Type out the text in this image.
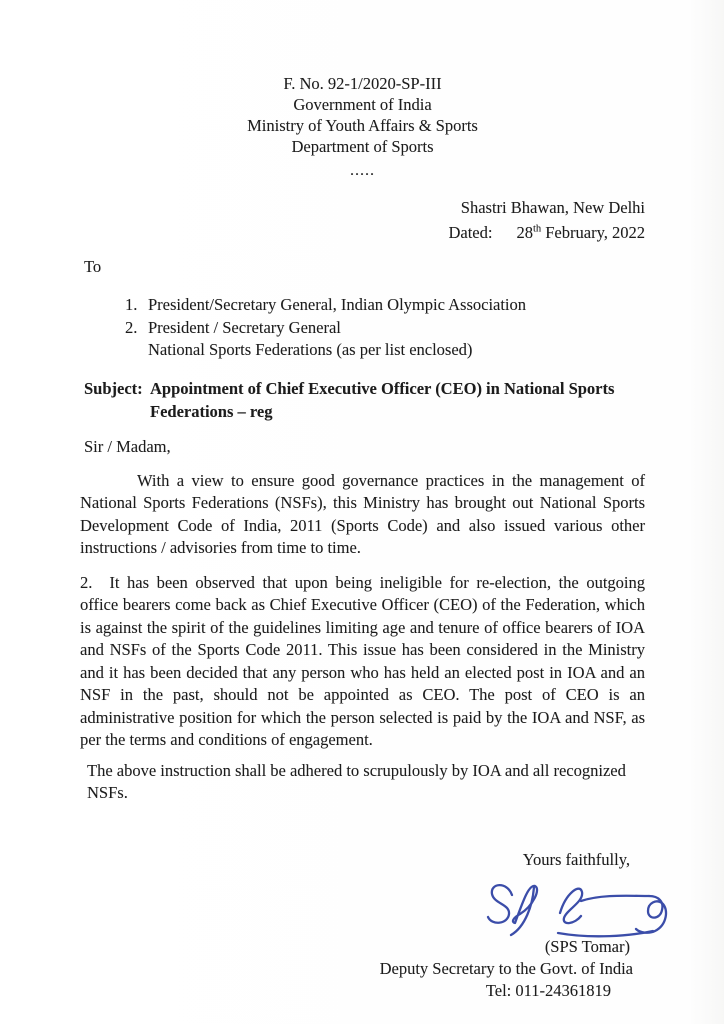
F. No. 92-1/2020-SP-III
Government of India
Ministry of Youth Affairs & Sports
Department of Sports
.....
Shastri Bhawan, New Delhi
Dated: 28th February, 2022
To
1. President/Secretary General, Indian Olympic Association
2. President / Secretary General
National Sports Federations (as per list enclosed)
Subject: Appointment of Chief Executive Officer (CEO) in National Sports Federations – reg
Sir / Madam,
With a view to ensure good governance practices in the management of National Sports Federations (NSFs), this Ministry has brought out National Sports Development Code of India, 2011 (Sports Code) and also issued various other instructions / advisories from time to time.
2. It has been observed that upon being ineligible for re-election, the outgoing office bearers come back as Chief Executive Officer (CEO) of the Federation, which is against the spirit of the guidelines limiting age and tenure of office bearers of IOA and NSFs of the Sports Code 2011. This issue has been considered in the Ministry and it has been decided that any person who has held an elected post in IOA and an NSF in the past, should not be appointed as CEO. The post of CEO is an administrative position for which the person selected is paid by the IOA and NSF, as per the terms and conditions of engagement.
The above instruction shall be adhered to scrupulously by IOA and all recognized NSFs.
Yours faithfully,
(SPS Tomar)
Deputy Secretary to the Govt. of India
Tel: 011-24361819
